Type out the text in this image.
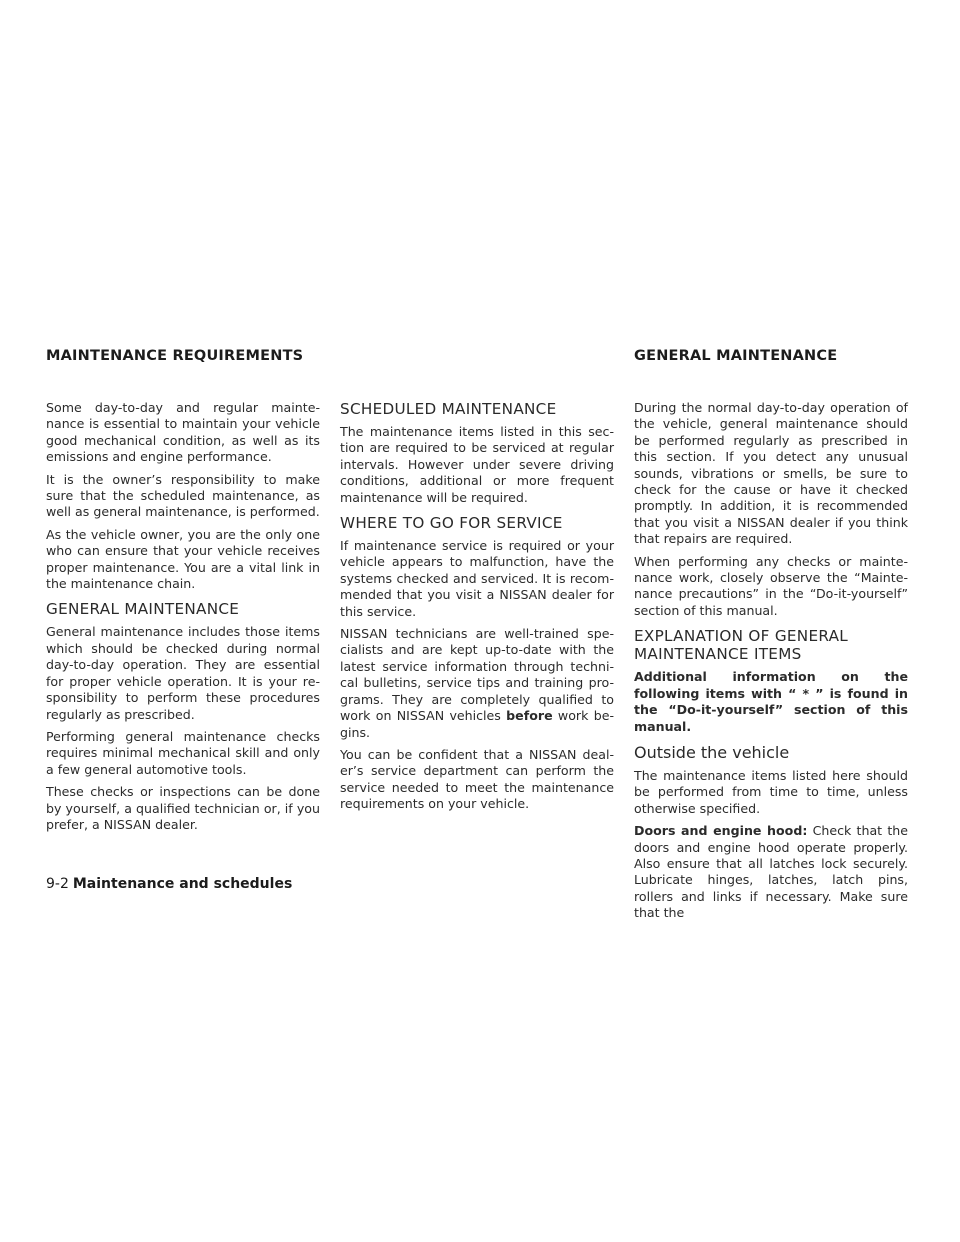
MAINTENANCE REQUIREMENTS	GENERAL MAINTENANCE

Some day-to-day and regular mainte-nance is essential to maintain your vehicle good mechanical condition, as well as its emissions and engine performance.

It is the owner’s responsibility to make sure that the scheduled maintenance, as well as general maintenance, is performed.

As the vehicle owner, you are the only one who can ensure that your vehicle receives proper maintenance. You are a vital link in the maintenance chain.

GENERAL MAINTENANCE

General maintenance includes those items which should be checked during normal day-to-day operation. They are essential for proper vehicle operation. It is your re-sponsibility to perform these procedures regularly as prescribed.

Performing general maintenance checks requires minimal mechanical skill and only a few general automotive tools.

These checks or inspections can be done by yourself, a qualified technician or, if you prefer, a NISSAN dealer.

SCHEDULED MAINTENANCE

The maintenance items listed in this sec-tion are required to be serviced at regular intervals. However under severe driving conditions, additional or more frequent maintenance will be required.

WHERE TO GO FOR SERVICE

If maintenance service is required or your vehicle appears to malfunction, have the systems checked and serviced. It is recom-mended that you visit a NISSAN dealer for this service.

NISSAN technicians are well-trained spe-cialists and are kept up-to-date with the latest service information through techni-cal bulletins, service tips and training pro-grams. They are completely qualified to work on NISSAN vehicles before work be-gins.

You can be confident that a NISSAN deal-er’s service department can perform the service needed to meet the maintenance requirements on your vehicle.

During the normal day-to-day operation of the vehicle, general maintenance should be performed regularly as prescribed in this section. If you detect any unusual sounds, vibrations or smells, be sure to check for the cause or have it checked promptly. In addition, it is recommended that you visit a NISSAN dealer if you think that repairs are required.

When performing any checks or mainte-nance work, closely observe the “Mainte-nance precautions” in the “Do-it-yourself” section of this manual.

EXPLANATION OF GENERAL MAINTENANCE ITEMS

Additional information on the following items with “ * ” is found in the “Do-it-yourself” section of this manual.

Outside the vehicle

The maintenance items listed here should be performed from time to time, unless otherwise specified.

Doors and engine hood: Check that the doors and engine hood operate properly. Also ensure that all latches lock securely. Lubricate hinges, latches, latch pins, rollers and links if necessary. Make sure that the

9-2 Maintenance and schedules
